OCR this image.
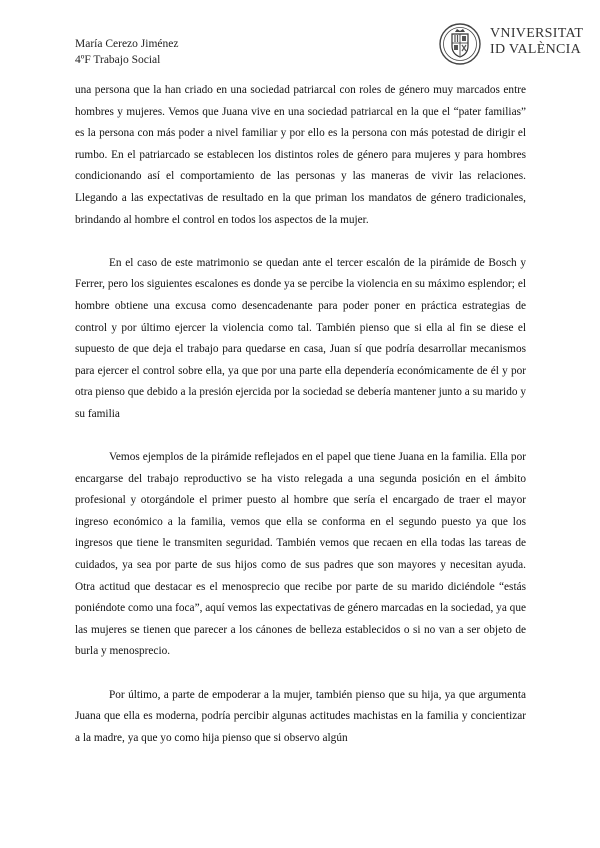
María Cerezo Jiménez
4ºF Trabajo Social
VNIVERSITAT
ID VALÈNCIA

una persona que la han criado en una sociedad patriarcal con roles de género muy marcados entre hombres y mujeres. Vemos que Juana vive en una sociedad patriarcal en la que el “pater familias” es la persona con más poder a nivel familiar y por ello es la persona con más potestad de dirigir el rumbo. En el patriarcado se establecen los distintos roles de género para mujeres y para hombres condicionando así el comportamiento de las personas y las maneras de vivir las relaciones. Llegando a las expectativas de resultado en la que priman los mandatos de género tradicionales, brindando al hombre el control en todos los aspectos de la mujer.

En el caso de este matrimonio se quedan ante el tercer escalón de la pirámide de Bosch y Ferrer, pero los siguientes escalones es donde ya se percibe la violencia en su máximo esplendor; el hombre obtiene una excusa como desencadenante para poder poner en práctica estrategias de control y por último ejercer la violencia como tal. También pienso que si ella al fin se diese el supuesto de que deja el trabajo para quedarse en casa, Juan sí que podría desarrollar mecanismos para ejercer el control sobre ella, ya que por una parte ella dependería económicamente de él y por otra pienso que debido a la presión ejercida por la sociedad se debería mantener junto a su marido y su familia

Vemos ejemplos de la pirámide reflejados en el papel que tiene Juana en la familia. Ella por encargarse del trabajo reproductivo se ha visto relegada a una segunda posición en el ámbito profesional y otorgándole el primer puesto al hombre que sería el encargado de traer el mayor ingreso económico a la familia, vemos que ella se conforma en el segundo puesto ya que los ingresos que tiene le transmiten seguridad. También vemos que recaen en ella todas las tareas de cuidados, ya sea por parte de sus hijos como de sus padres que son mayores y necesitan ayuda. Otra actitud que destacar es el menosprecio que recibe por parte de su marido diciéndole “estás poniéndote como una foca”, aquí vemos las expectativas de género marcadas en la sociedad, ya que las mujeres se tienen que parecer a los cánones de belleza establecidos o si no van a ser objeto de burla y menosprecio.

Por último, a parte de empoderar a la mujer, también pienso que su hija, ya que argumenta Juana que ella es moderna, podría percibir algunas actitudes machistas en la familia y concientizar a la madre, ya que yo como hija pienso que si observo algún
